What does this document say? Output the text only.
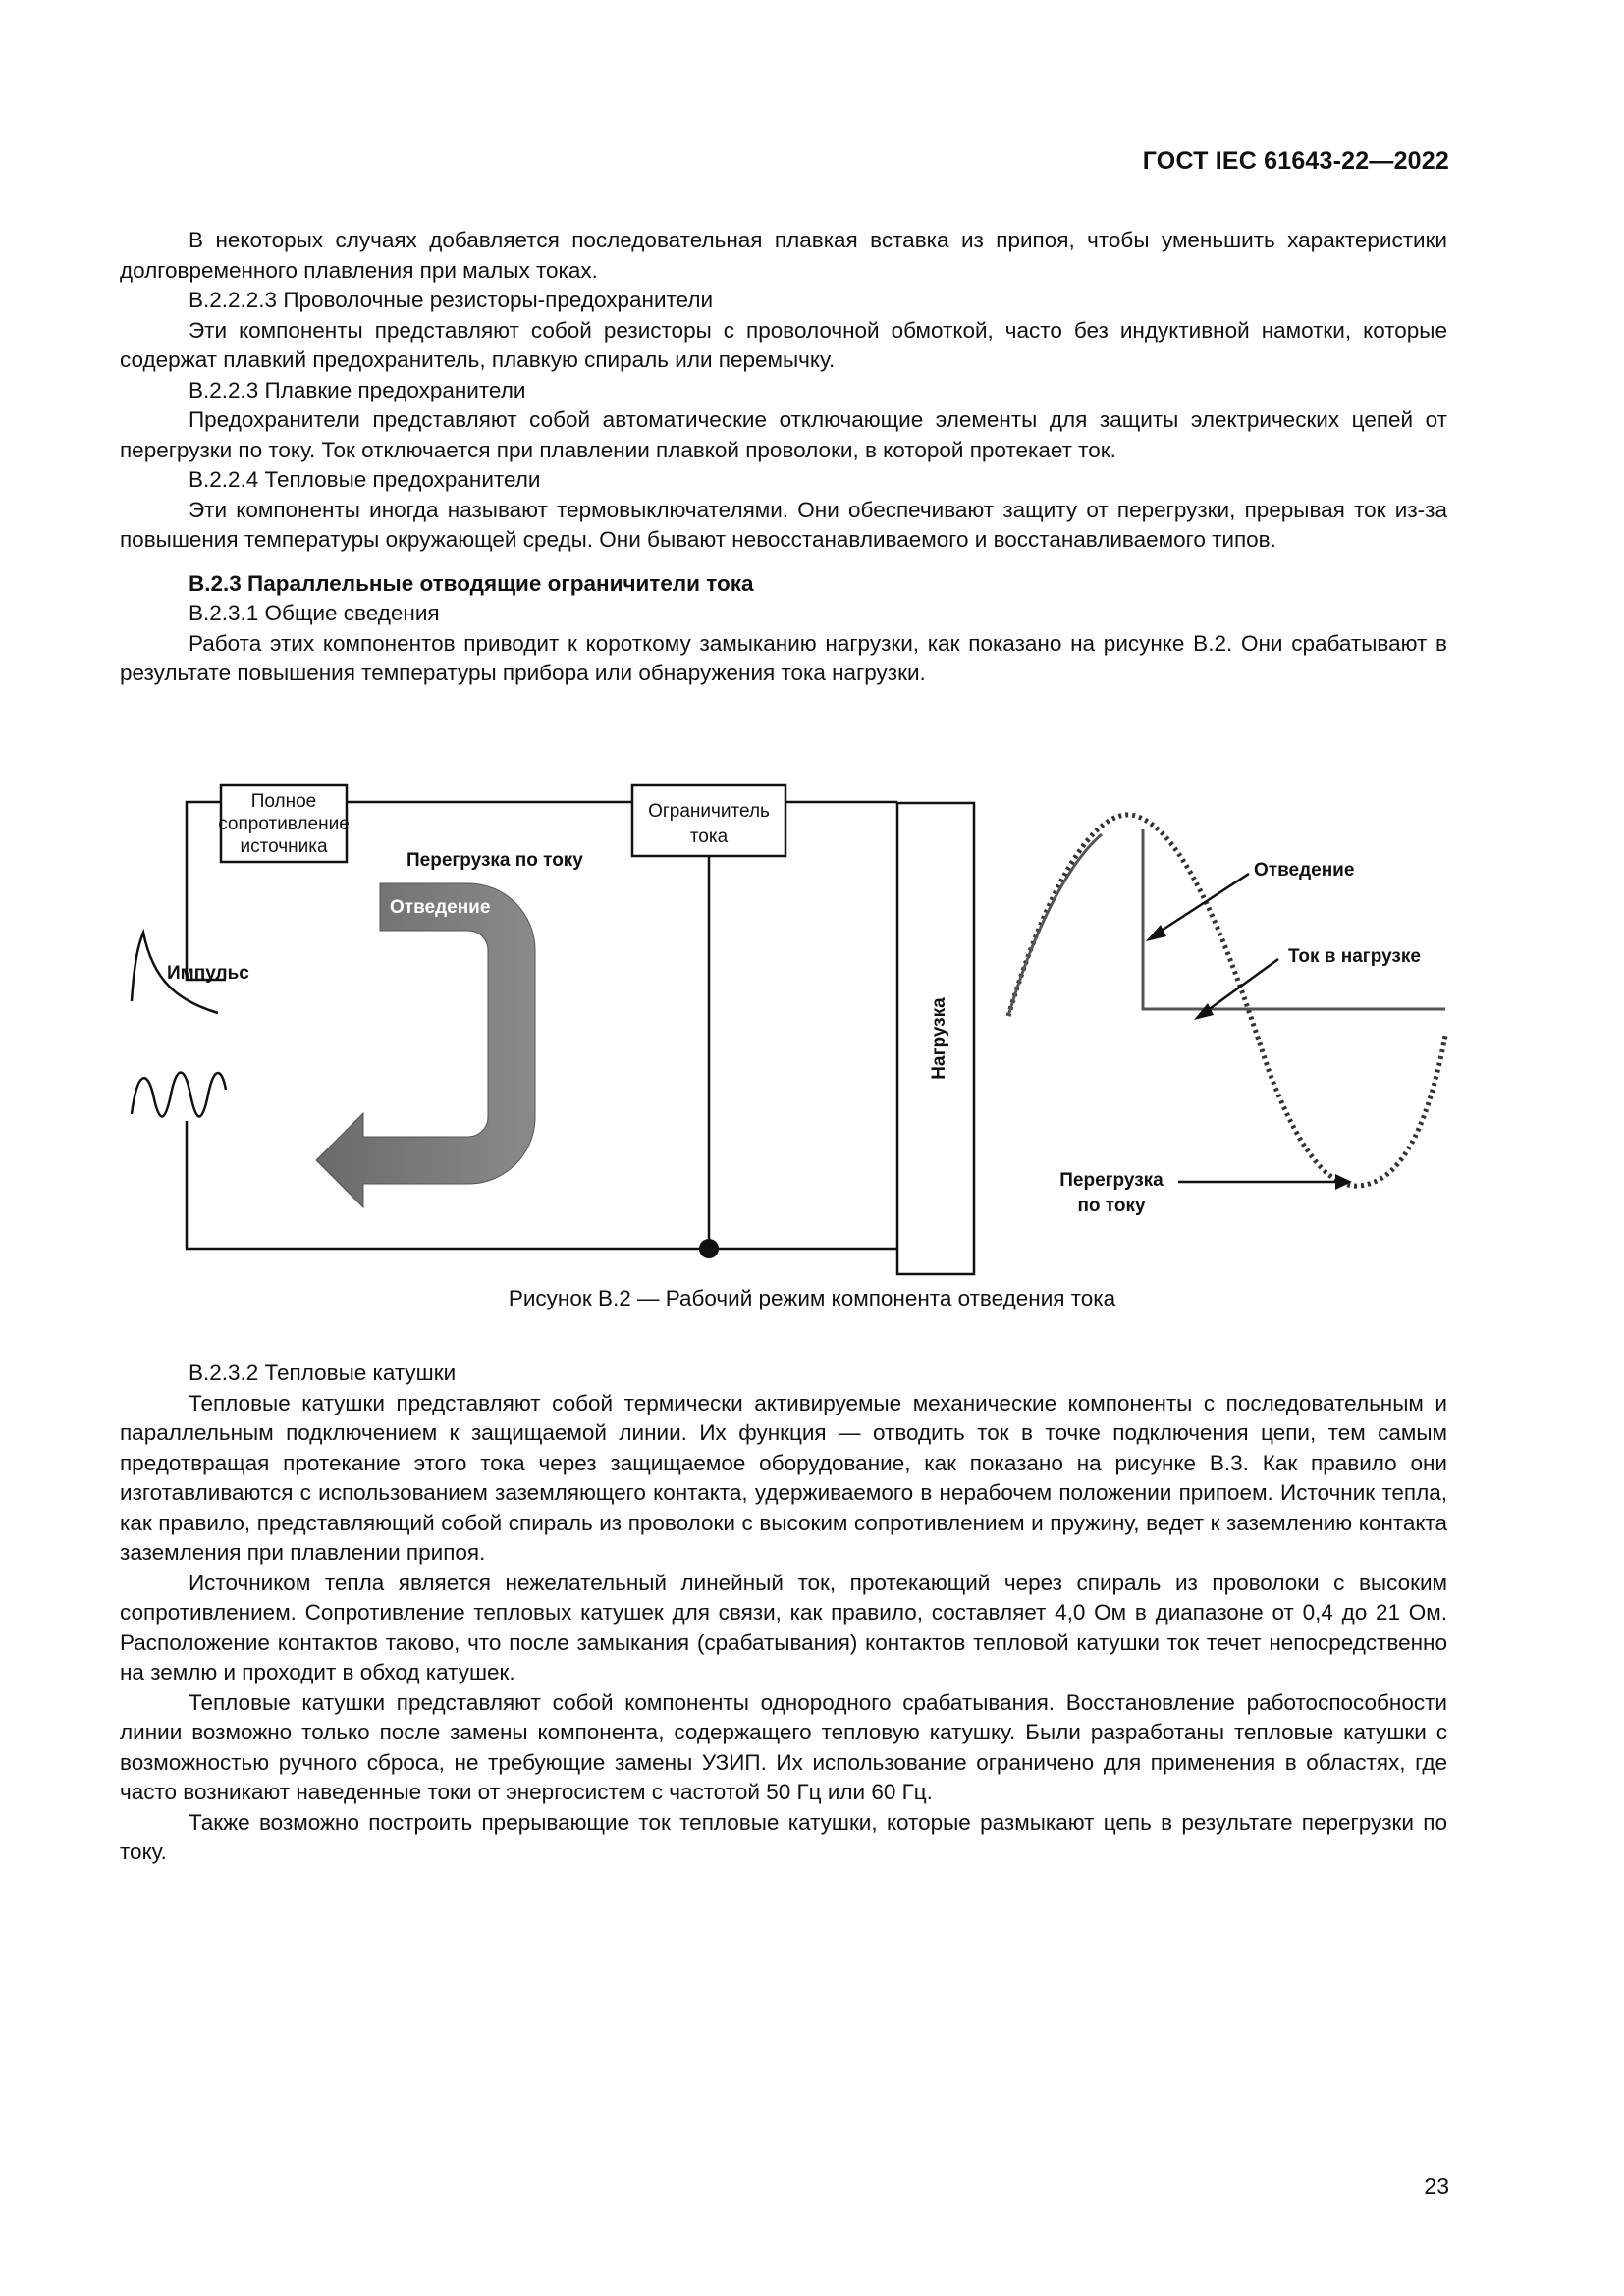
ГОСТ IEC 61643-22—2022

В некоторых случаях добавляется последовательная плавкая вставка из припоя, чтобы уменьшить характеристики долговременного плавления при малых токах.

В.2.2.2.3 Проволочные резисторы-предохранители

Эти компоненты представляют собой резисторы с проволочной обмоткой, часто без индуктивной намотки, которые содержат плавкий предохранитель, плавкую спираль или перемычку.

В.2.2.3 Плавкие предохранители

Предохранители представляют собой автоматические отключающие элементы для защиты электрических цепей от перегрузки по току. Ток отключается при плавлении плавкой проволоки, в которой протекает ток.

В.2.2.4 Тепловые предохранители

Эти компоненты иногда называют термовыключателями. Они обеспечивают защиту от перегрузки, прерывая ток из-за повышения температуры окружающей среды. Они бывают невосстанавливаемого и восстанавливаемого типов.

В.2.3 Параллельные отводящие ограничители тока

В.2.3.1 Общие сведения

Работа этих компонентов приводит к короткому замыканию нагрузки, как показано на рисунке В.2. Они срабатывают в результате повышения температуры прибора или обнаружения тока нагрузки.

Полное
сопротивление
источника
Ограничитель
тока
Нагрузка
Перегрузка по току
Отведение
Импульс
Отведение
Ток в нагрузке
Перегрузка
по току
Рисунок В.2 — Рабочий режим компонента отведения тока

В.2.3.2 Тепловые катушки

Тепловые катушки представляют собой термически активируемые механические компоненты с последовательным и параллельным подключением к защищаемой линии. Их функция — отводить ток в точке подключения цепи, тем самым предотвращая протекание этого тока через защищаемое оборудование, как показано на рисунке В.3. Как правило они изготавливаются с использованием заземляющего контакта, удерживаемого в нерабочем положении припоем. Источник тепла, как правило, представляющий собой спираль из проволоки с высоким сопротивлением и пружину, ведет к заземлению контакта заземления при плавлении припоя.

Источником тепла является нежелательный линейный ток, протекающий через спираль из проволоки с высоким сопротивлением. Сопротивление тепловых катушек для связи, как правило, составляет 4,0 Ом в диапазоне от 0,4 до 21 Ом. Расположение контактов таково, что после замыкания (срабатывания) контактов тепловой катушки ток течет непосредственно на землю и проходит в обход катушек.

Тепловые катушки представляют собой компоненты однородного срабатывания. Восстановление работоспособности линии возможно только после замены компонента, содержащего тепловую катушку. Были разработаны тепловые катушки с возможностью ручного сброса, не требующие замены УЗИП. Их использование ограничено для применения в областях, где часто возникают наведенные токи от энергосистем с частотой 50 Гц или 60 Гц.

Также возможно построить прерывающие ток тепловые катушки, которые размыкают цепь в результате перегрузки по току.

23
